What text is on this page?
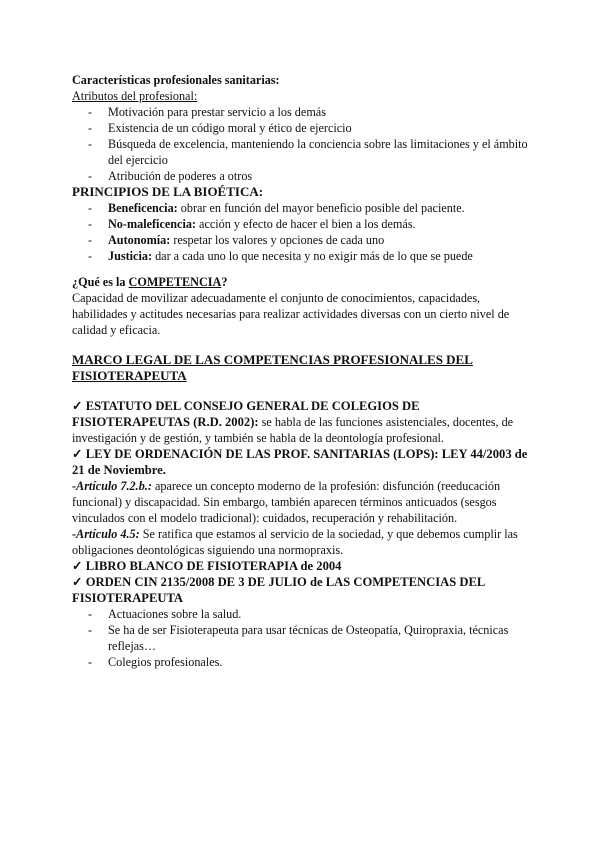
Características profesionales sanitarias:

Atributos del profesional:

- Motivación para prestar servicio a los demás
- Existencia de un código moral y ético de ejercicio
- Búsqueda de excelencia, manteniendo la conciencia sobre las limitaciones y el ámbito del ejercicio
- Atribución de poderes a otros

PRINCIPIOS DE LA BIOÉTICA:

- Beneficencia: obrar en función del mayor beneficio posible del paciente.
- No-maleficencia: acción y efecto de hacer el bien a los demás.
- Autonomía: respetar los valores y opciones de cada uno
- Justicia: dar a cada uno lo que necesita y no exigir más de lo que se puede

¿Qué es la COMPETENCIA?

Capacidad de movilizar adecuadamente el conjunto de conocimientos, capacidades, habilidades y actitudes necesarias para realizar actividades diversas con un cierto nivel de calidad y eficacia.

MARCO LEGAL DE LAS COMPETENCIAS PROFESIONALES DEL FISIOTERAPEUTA

✓ ESTATUTO DEL CONSEJO GENERAL DE COLEGIOS DE FISIOTERAPEUTAS (R.D. 2002): se habla de las funciones asistenciales, docentes, de investigación y de gestión, y también se habla de la deontología profesional.

✓ LEY DE ORDENACIÓN DE LAS PROF. SANITARIAS (LOPS): LEY 44/2003 de 21 de Noviembre.

-Artículo 7.2.b.: aparece un concepto moderno de la profesión: disfunción (reeducación funcional) y discapacidad. Sin embargo, también aparecen términos anticuados (sesgos vinculados con el modelo tradicional): cuidados, recuperación y rehabilitación.

-Artículo 4.5: Se ratifica que estamos al servicio de la sociedad, y que debemos cumplir las obligaciones deontológicas siguiendo una normopraxis.

✓ LIBRO BLANCO DE FISIOTERAPIA de 2004

✓ ORDEN CIN 2135/2008 DE 3 DE JULIO de LAS COMPETENCIAS DEL FISIOTERAPEUTA

- Actuaciones sobre la salud.
- Se ha de ser Fisioterapeuta para usar técnicas de Osteopatía, Quiropraxia, técnicas reflejas…
- Colegios profesionales.
